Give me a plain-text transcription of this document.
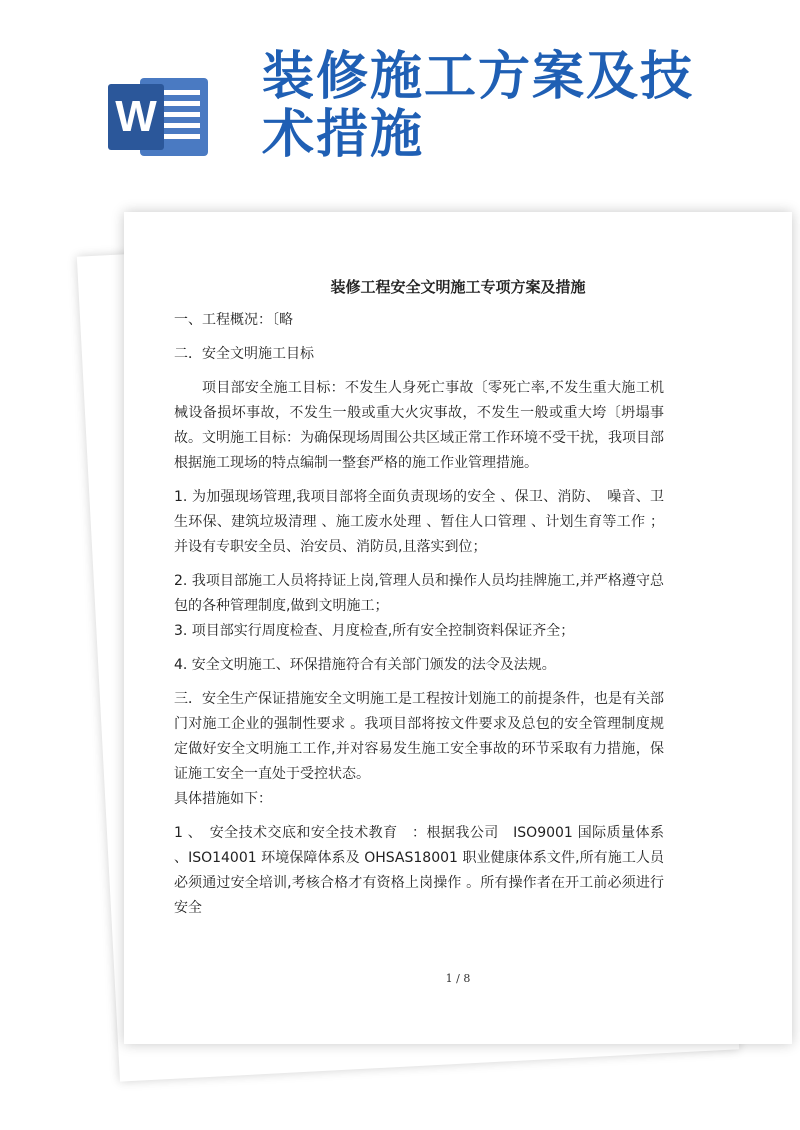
W
装修施工方案及技
术措施
装修工程安全文明施工专项方案及措施

一、工程概况：〔略

二．安全文明施工目标

项目部安全施工目标：不发生人身死亡事故〔零死亡率,不发生重大施工机械设备损坏事故，不发生一般或重大火灾事故，不发生一般或重大垮〔坍塌事故。文明施工目标：为确保现场周围公共区域正常工作环境不受干扰，我项目部根据施工现场的特点编制一整套严格的施工作业管理措施。

1. 为加强现场管理,我项目部将全面负责现场的安全 、保卫、消防、　噪音、卫生环保、建筑垃圾清理 、施工废水处理 、暂住人口管理 、计划生育等工作 ；并设有专职安全员、治安员、消防员,且落实到位；

2. 我项目部施工人员将持证上岗,管理人员和操作人员均挂牌施工,并严格遵守总包的各种管理制度,做到文明施工；

3. 项目部实行周度检查、月度检查,所有安全控制资料保证齐全；

4. 安全文明施工、环保措施符合有关部门颁发的法令及法规。

三．安全生产保证措施安全文明施工是工程按计划施工的前提条件，也是有关部门对施工企业的强制性要求 。我项目部将按文件要求及总包的安全管理制度规定做好安全文明施工工作,并对容易发生施工安全事故的环节采取有力措施，保证施工安全一直处于受控状态。

具体措施如下：

1 、　安全技术交底和安全技术教育　：根据我公司　ISO9001 国际质量体系 、ISO14001 环境保障体系及 OHSAS18001 职业健康体系文件,所有施工人员必须通过安全培训,考核合格才有资格上岗操作 。所有操作者在开工前必须进行安全

1 / 8
